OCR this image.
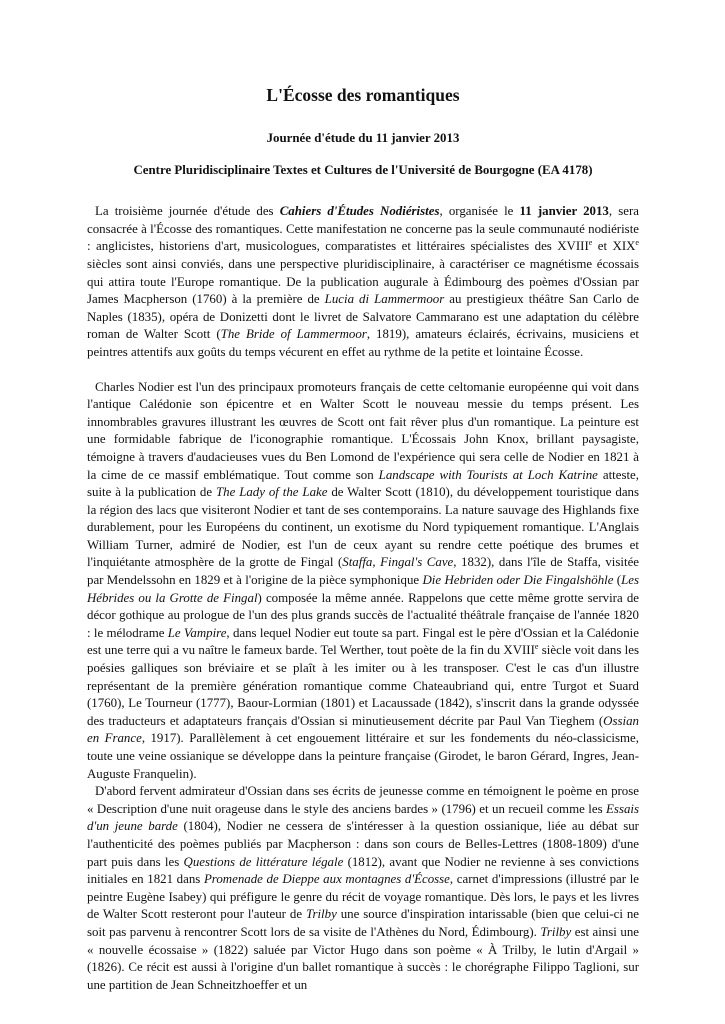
L'Écosse des romantiques
Journée d'étude du 11 janvier 2013
Centre Pluridisciplinaire Textes et Cultures de l'Université de Bourgogne (EA 4178)

La troisième journée d'étude des Cahiers d'Études Nodiéristes, organisée le 11 janvier 2013, sera consacrée à l'Écosse des romantiques. Cette manifestation ne concerne pas la seule communauté nodiériste : anglicistes, historiens d'art, musicologues, comparatistes et littéraires spécialistes des XVIIIe et XIXe siècles sont ainsi conviés, dans une perspective pluridisciplinaire, à caractériser ce magnétisme écossais qui attira toute l'Europe romantique. De la publication augurale à Édimbourg des poèmes d'Ossian par James Macpherson (1760) à la première de Lucia di Lammermoor au prestigieux théâtre San Carlo de Naples (1835), opéra de Donizetti dont le livret de Salvatore Cammarano est une adaptation du célèbre roman de Walter Scott (The Bride of Lammermoor, 1819), amateurs éclairés, écrivains, musiciens et peintres attentifs aux goûts du temps vécurent en effet au rythme de la petite et lointaine Écosse.

Charles Nodier est l'un des principaux promoteurs français de cette celtomanie européenne qui voit dans l'antique Calédonie son épicentre et en Walter Scott le nouveau messie du temps présent. Les innombrables gravures illustrant les œuvres de Scott ont fait rêver plus d'un romantique. La peinture est une formidable fabrique de l'iconographie romantique. L'Écossais John Knox, brillant paysagiste, témoigne à travers d'audacieuses vues du Ben Lomond de l'expérience qui sera celle de Nodier en 1821 à la cime de ce massif emblématique. Tout comme son Landscape with Tourists at Loch Katrine atteste, suite à la publication de The Lady of the Lake de Walter Scott (1810), du développement touristique dans la région des lacs que visiteront Nodier et tant de ses contemporains. La nature sauvage des Highlands fixe durablement, pour les Européens du continent, un exotisme du Nord typiquement romantique. L'Anglais William Turner, admiré de Nodier, est l'un de ceux ayant su rendre cette poétique des brumes et l'inquiétante atmosphère de la grotte de Fingal (Staffa, Fingal's Cave, 1832), dans l'île de Staffa, visitée par Mendelssohn en 1829 et à l'origine de la pièce symphonique Die Hebriden oder Die Fingalshöhle (Les Hébrides ou la Grotte de Fingal) composée la même année. Rappelons que cette même grotte servira de décor gothique au prologue de l'un des plus grands succès de l'actualité théâtrale française de l'année 1820 : le mélodrame Le Vampire, dans lequel Nodier eut toute sa part. Fingal est le père d'Ossian et la Calédonie est une terre qui a vu naître le fameux barde. Tel Werther, tout poète de la fin du XVIIIe siècle voit dans les poésies galliques son bréviaire et se plaît à les imiter ou à les transposer. C'est le cas d'un illustre représentant de la première génération romantique comme Chateaubriand qui, entre Turgot et Suard (1760), Le Tourneur (1777), Baour-Lormian (1801) et Lacaussade (1842), s'inscrit dans la grande odyssée des traducteurs et adaptateurs français d'Ossian si minutieusement décrite par Paul Van Tieghem (Ossian en France, 1917). Parallèlement à cet engouement littéraire et sur les fondements du néo-classicisme, toute une veine ossianique se développe dans la peinture française (Girodet, le baron Gérard, Ingres, Jean-Auguste Franquelin).

D'abord fervent admirateur d'Ossian dans ses écrits de jeunesse comme en témoignent le poème en prose « Description d'une nuit orageuse dans le style des anciens bardes » (1796) et un recueil comme les Essais d'un jeune barde (1804), Nodier ne cessera de s'intéresser à la question ossianique, liée au débat sur l'authenticité des poèmes publiés par Macpherson : dans son cours de Belles-Lettres (1808-1809) d'une part puis dans les Questions de littérature légale (1812), avant que Nodier ne revienne à ses convictions initiales en 1821 dans Promenade de Dieppe aux montagnes d'Écosse, carnet d'impressions (illustré par le peintre Eugène Isabey) qui préfigure le genre du récit de voyage romantique. Dès lors, le pays et les livres de Walter Scott resteront pour l'auteur de Trilby une source d'inspiration intarissable (bien que celui-ci ne soit pas parvenu à rencontrer Scott lors de sa visite de l'Athènes du Nord, Édimbourg). Trilby est ainsi une « nouvelle écossaise » (1822) saluée par Victor Hugo dans son poème « À Trilby, le lutin d'Argail » (1826). Ce récit est aussi à l'origine d'un ballet romantique à succès : le chorégraphe Filippo Taglioni, sur une partition de Jean Schneitzhoeffer et un
